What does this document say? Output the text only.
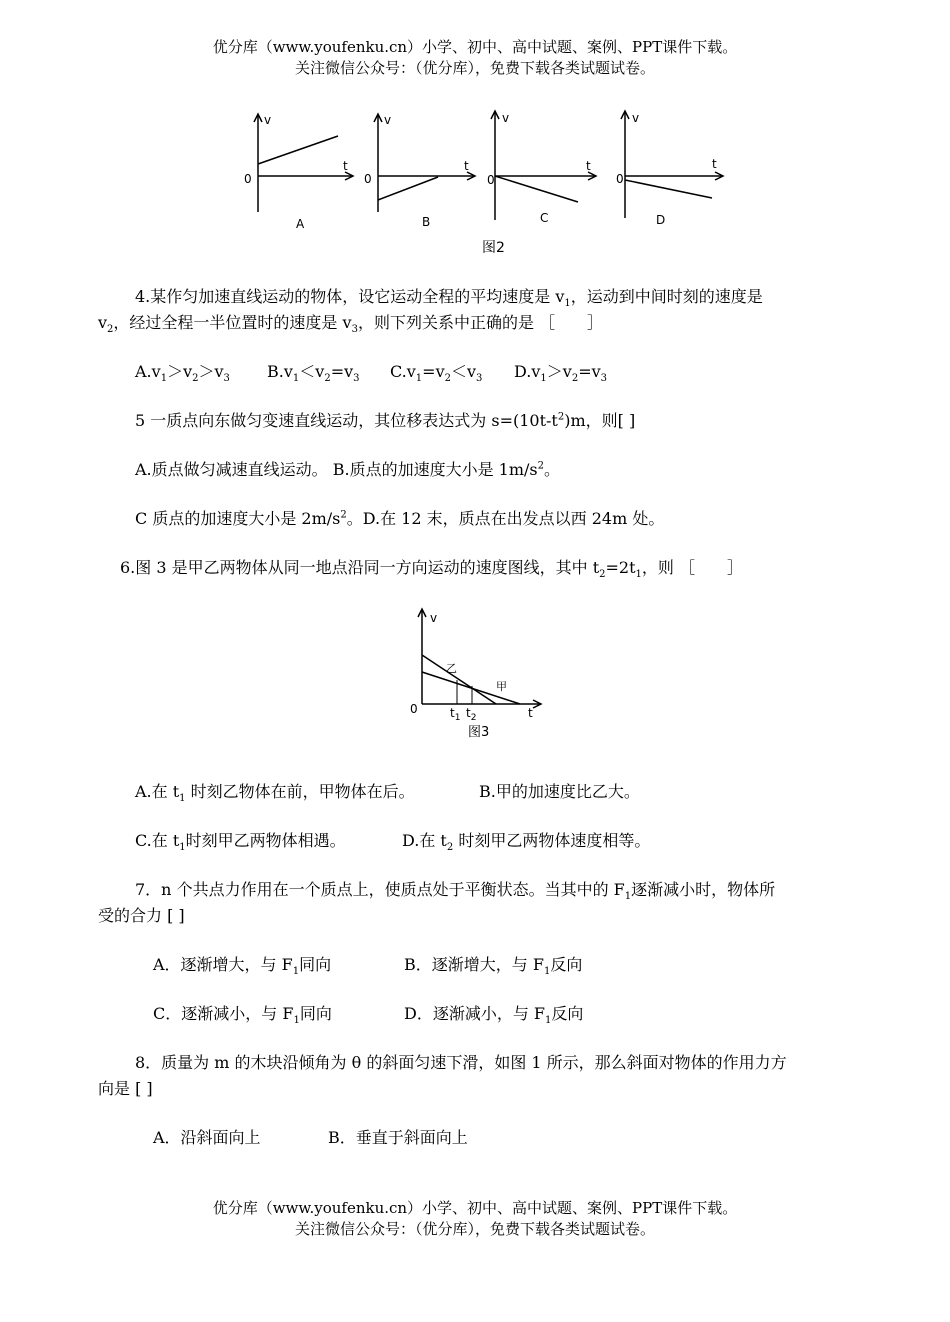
优分库（www.youfenku.cn）小学、初中、高中试题、案例、PPT课件下载。
关注微信公众号：（优分库），免费下载各类试题试卷。
v
t
0
v
t
0
v
t
0
v
t
0
A	B	C	D
图2
4.某作匀加速直线运动的物体，设它运动全程的平均速度是 $v_1$，运动到中间时刻的速度是
$v_2$，经过全程一半位置时的速度是 $v_3$，则下列关系中正确的是 ［　　］
$A.v_1>v_2>v_3$ $B.v_1<v_2=v_3$ $C.v_1=v_2<v_3$ $D.v_1>v_2=v_3$
5 一质点向东做匀变速直线运动，其位移表达式为 $s=(10t-t^2)m$，则[ ]
A.质点做匀减速直线运动。 B.质点的加速度大小是 $1m/s^2$。
C 质点的加速度大小是 $2m/s^2$。D.在 12 末，质点在出发点以西 24m 处。
6.图 3 是甲乙两物体从同一地点沿同一方向运动的速度图线，其中 $t_2=2t_1$，则 ［　　］
v
t
0	$t_1$ $t_2$
乙
甲
图3
A.在 $t_1$ 时刻乙物体在前，甲物体在后。	B.甲的加速度比乙大。
C.在 $t_1$时刻甲乙两物体相遇。	D.在 $t_2$ 时刻甲乙两物体速度相等。
7．n 个共点力作用在一个质点上，使质点处于平衡状态。当其中的 $F_1$逐渐减小时，物体所
受的合力 [ ]
A．逐渐增大，与 $F_1$同向	B．逐渐增大，与 $F_1$反向
C．逐渐减小，与 $F_1$同向	D．逐渐减小，与 $F_1$反向
8．质量为 m 的木块沿倾角为 θ 的斜面匀速下滑，如图 1 所示，那么斜面对物体的作用力方
向是 [ ]
A．沿斜面向上	B．垂直于斜面向上
优分库（www.youfenku.cn）小学、初中、高中试题、案例、PPT课件下载。
关注微信公众号：（优分库），免费下载各类试题试卷。
